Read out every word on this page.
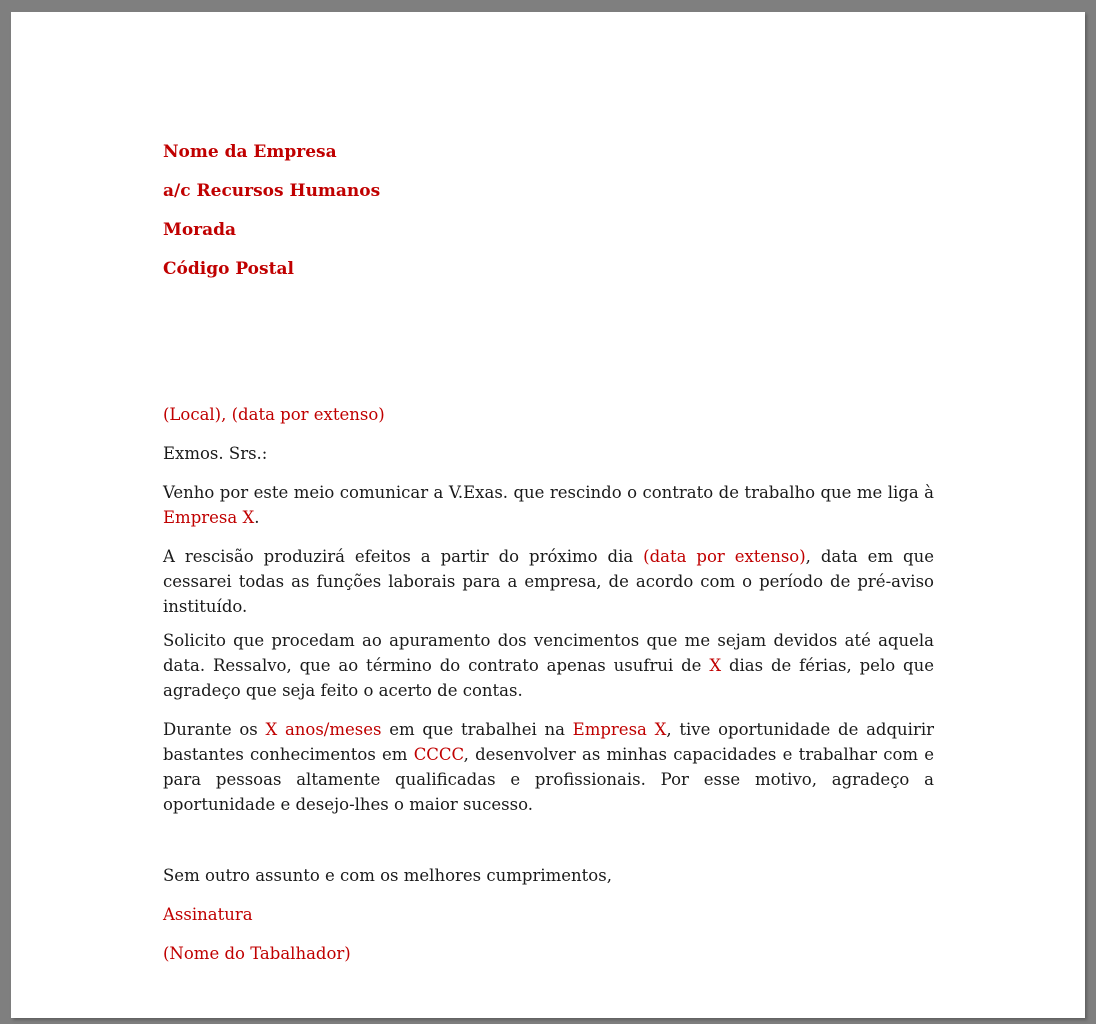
Nome da Empresa
a/c Recursos Humanos
Morada
Código Postal

(Local), (data por extenso)

Exmos. Srs.:

Venho por este meio comunicar a V.Exas. que rescindo o contrato de trabalho que me liga à Empresa X.

A rescisão produzirá efeitos a partir do próximo dia (data por extenso), data em que cessarei todas as funções laborais para a empresa, de acordo com o período de pré-aviso instituído.

Solicito que procedam ao apuramento dos vencimentos que me sejam devidos até aquela data. Ressalvo, que ao término do contrato apenas usufrui de X dias de férias, pelo que agradeço que seja feito o acerto de contas.

Durante os X anos/meses em que trabalhei na Empresa X, tive oportunidade de adquirir bastantes conhecimentos em CCCC, desenvolver as minhas capacidades e trabalhar com e para pessoas altamente qualificadas e profissionais. Por esse motivo, agradeço a oportunidade e desejo-lhes o maior sucesso.

Sem outro assunto e com os melhores cumprimentos,

Assinatura

(Nome do Tabalhador)
